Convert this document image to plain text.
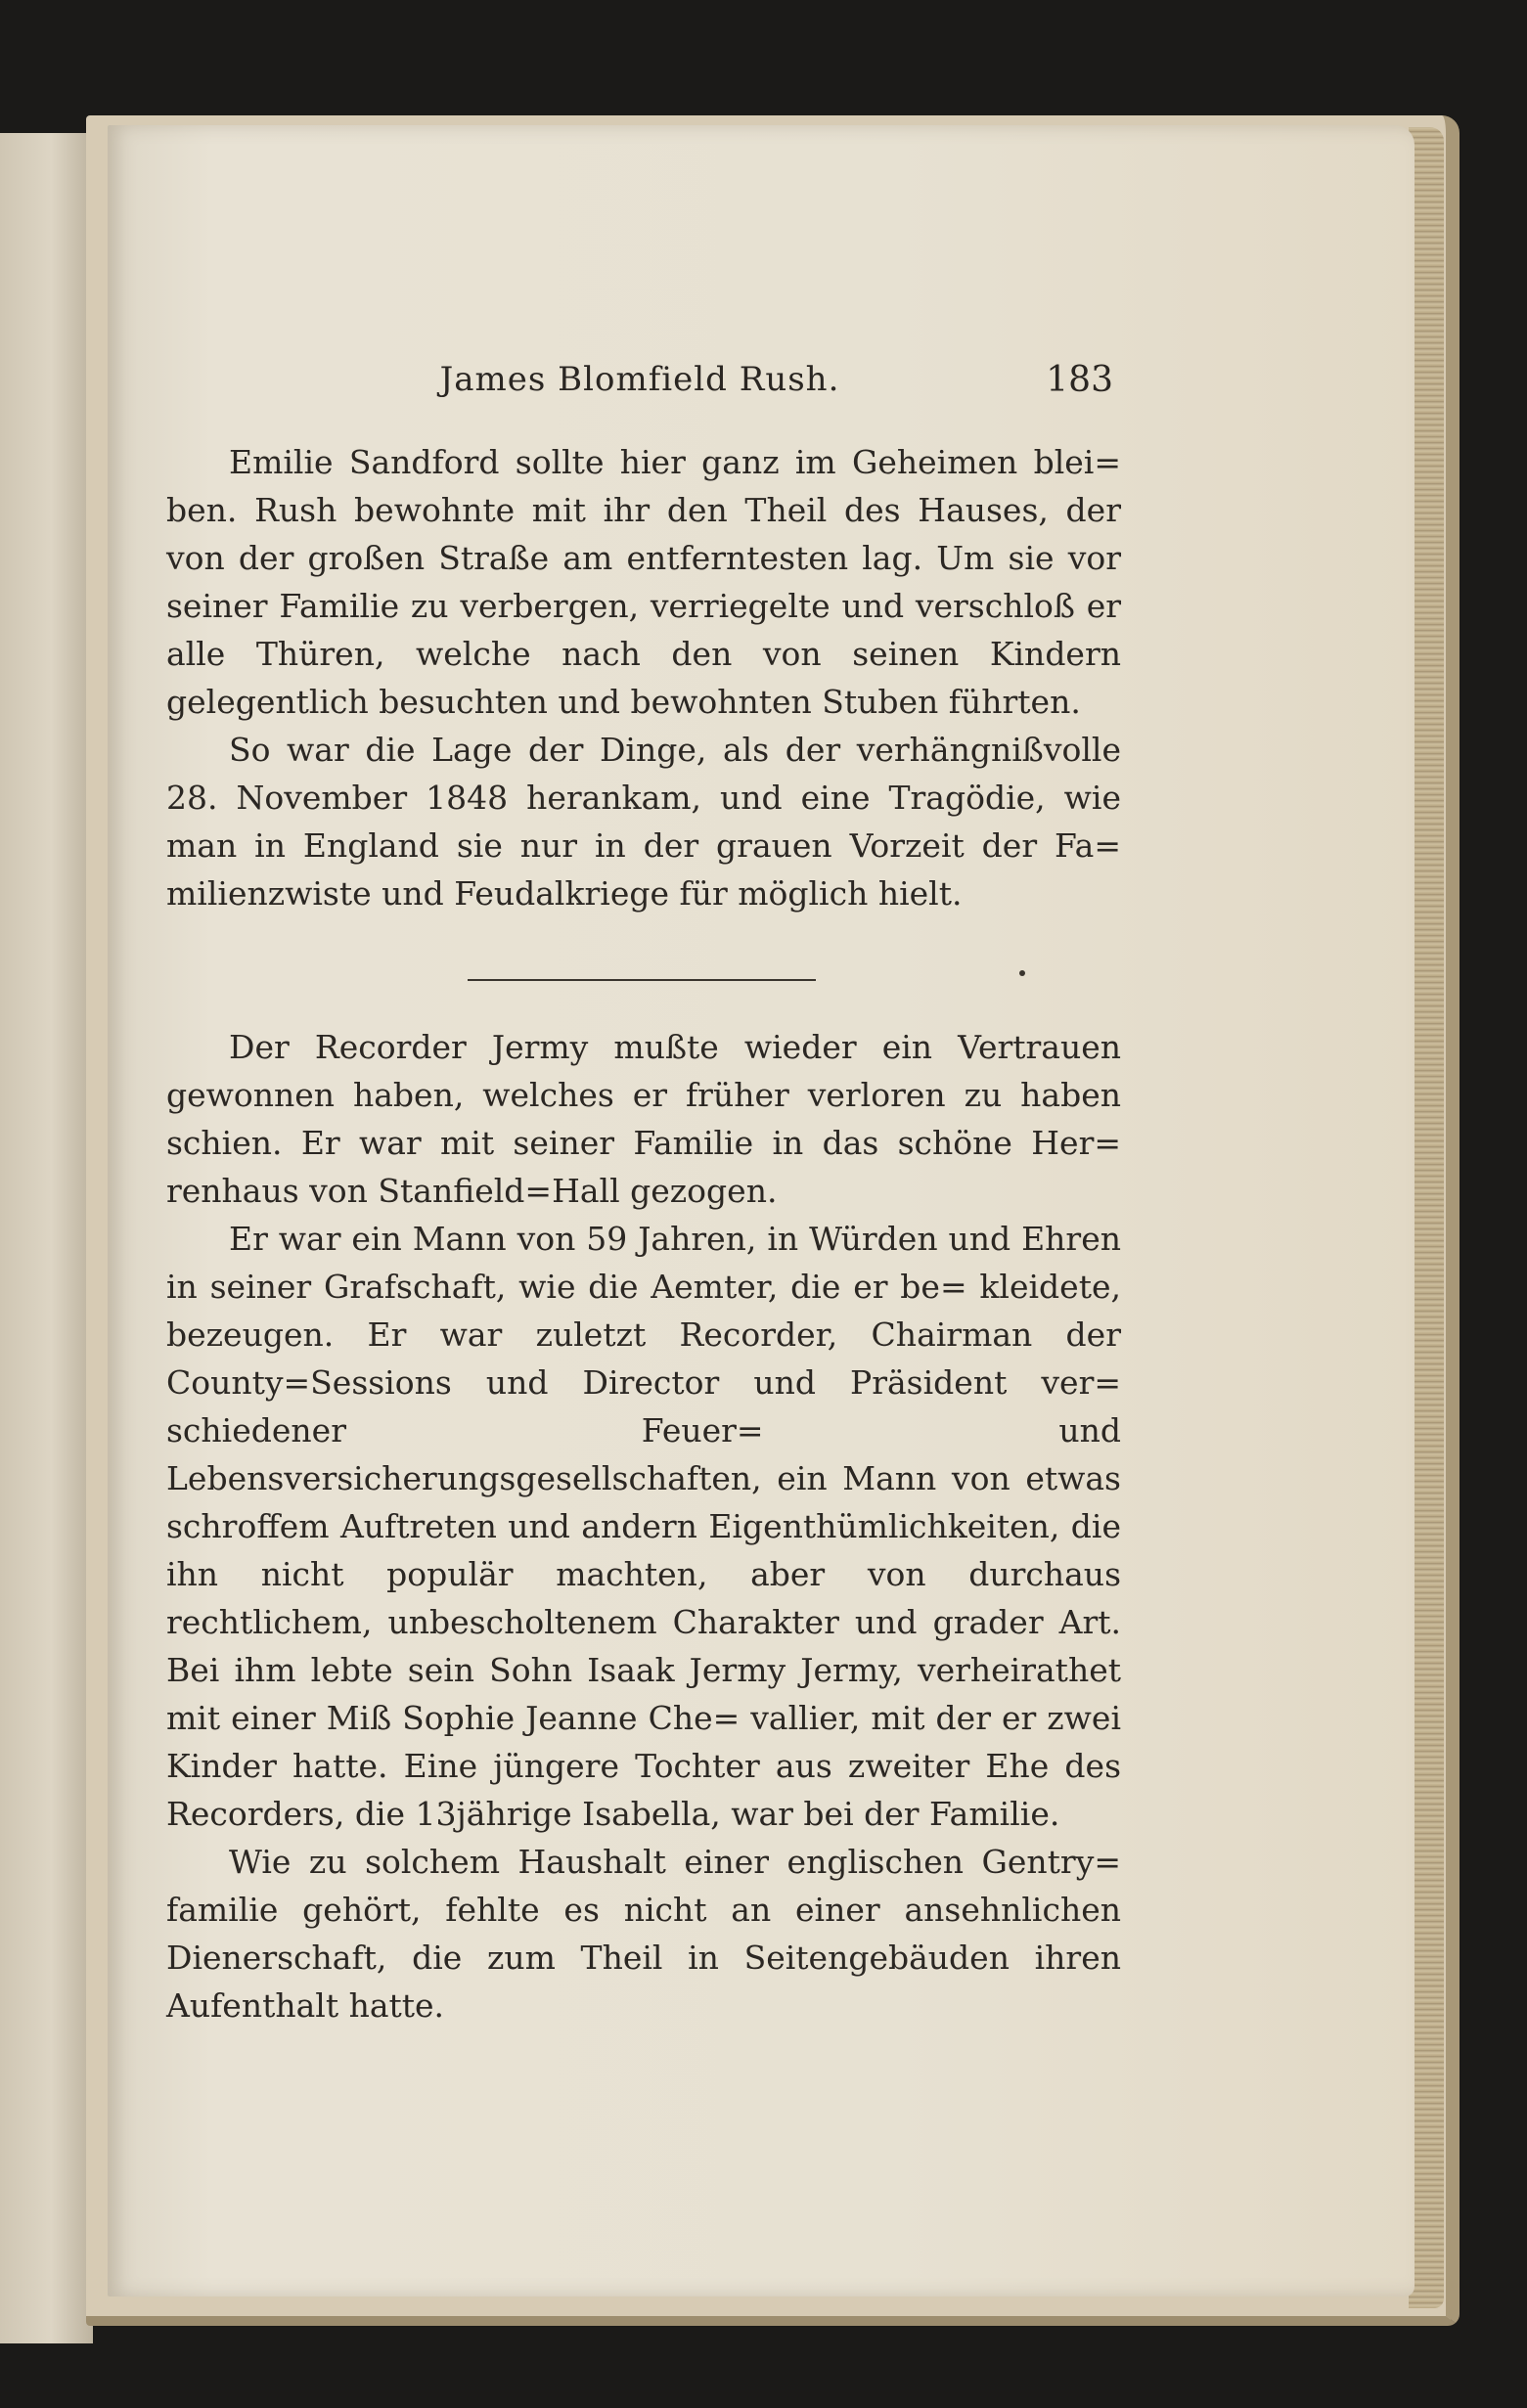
James Blomfield Rush.	183

Emilie Sandford sollte hier ganz im Geheimen blei= ben. Rush bewohnte mit ihr den Theil des Hauses, der von der großen Straße am entferntesten lag. Um sie vor seiner Familie zu verbergen, verriegelte und verschloß er alle Thüren, welche nach den von seinen Kindern gelegentlich besuchten und bewohnten Stuben führten.

So war die Lage der Dinge, als der verhängnißvolle 28. November 1848 herankam, und eine Tragödie, wie man in England sie nur in der grauen Vorzeit der Fa= milienzwiste und Feudalkriege für möglich hielt.

Der Recorder Jermy mußte wieder ein Vertrauen gewonnen haben, welches er früher verloren zu haben schien. Er war mit seiner Familie in das schöne Her= renhaus von Stanfield=Hall gezogen.

Er war ein Mann von 59 Jahren, in Würden und Ehren in seiner Grafschaft, wie die Aemter, die er be= kleidete, bezeugen. Er war zuletzt Recorder, Chairman der County=Sessions und Director und Präsident ver= schiedener Feuer= und Lebensversicherungsgesellschaften, ein Mann von etwas schroffem Auftreten und andern Eigenthümlichkeiten, die ihn nicht populär machten, aber von durchaus rechtlichem, unbescholtenem Charakter und grader Art. Bei ihm lebte sein Sohn Isaak Jermy Jermy, verheirathet mit einer Miß Sophie Jeanne Che= vallier, mit der er zwei Kinder hatte. Eine jüngere Tochter aus zweiter Ehe des Recorders, die 13jährige Isabella, war bei der Familie.

Wie zu solchem Haushalt einer englischen Gentry= familie gehört, fehlte es nicht an einer ansehnlichen Dienerschaft, die zum Theil in Seitengebäuden ihren Aufenthalt hatte.
